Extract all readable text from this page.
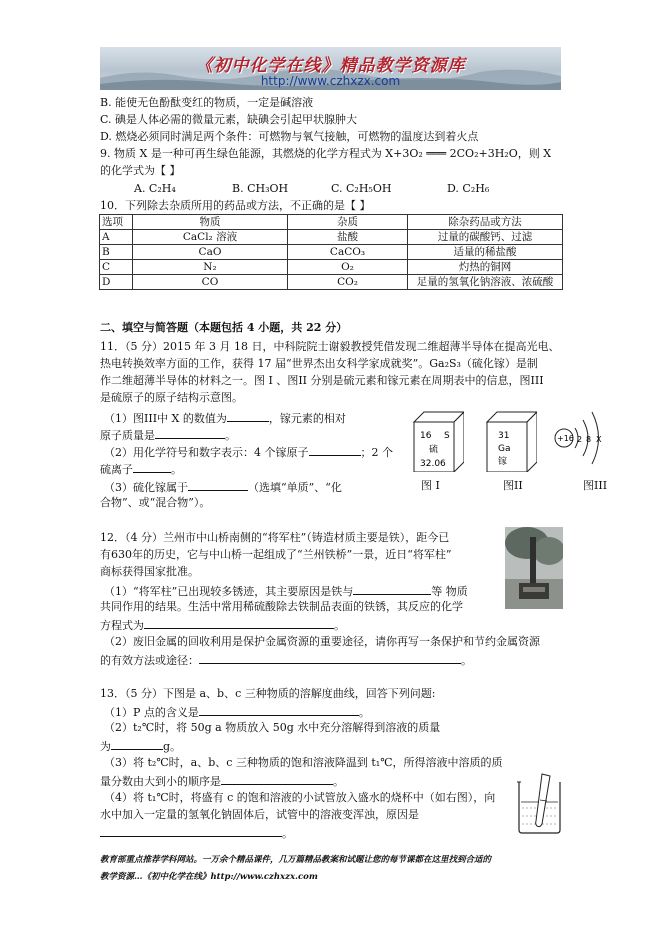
《初中化学在线》精品教学资源库
http://www.czhxzx.com
B. 能使无色酚酞变红的物质，一定是碱溶液
C. 碘是人体必需的微量元素，缺碘会引起甲状腺肿大
D. 燃烧必须同时满足两个条件：可燃物与氧气接触，可燃物的温度达到着火点
9. 物质 X 是一种可再生绿色能源，其燃烧的化学方程式为 X+3O₂ ═══ 2CO₂+3H₂O，则 X
的化学式为【 】
A. C₂H₄	B. CH₃OH	C. C₂H₅OH	D. C₂H₆
10．下列除去杂质所用的药品或方法，不正确的是【 】
选项	物质	杂质	除杂药品或方法
A	CaCl₂ 溶液	盐酸	过量的碳酸钙、过滤
B	CaO	CaCO₃	适量的稀盐酸
C	N₂	O₂	灼热的铜网
D	CO	CO₂	足量的氢氧化钠溶液、浓硫酸
二、填空与简答题（本题包括 4 小题，共 22 分）
11．（5 分）2015 年 3 月 18 日，中科院院士谢毅教授凭借发现二维超薄半导体在提高光电、
热电转换效率方面的工作，获得 17 届“世界杰出女科学家成就奖”。Ga₂S₃（硫化镓）是制
作二维超薄半导体的材料之一。图 I 、图II 分别是硫元素和镓元素在周期表中的信息，图III
是硫原子的原子结构示意图。
（1）图III中 X 的数值为	，镓元素的相对
原子质量是	。
（2）用化学符号和数字表示：4 个镓原子	；2 个
硫离子	。
（3）硫化镓属于	（选填“单质”、“化
合物”、或“混合物”）。
16 S
硫
32.06
图 I
31
Ga
镓
图II
+16 2 8 X
图III
12．（4 分）兰州市中山桥南侧的“将军柱”（铸造材质主要是铁），距今已
有630年的历史，它与中山桥一起组成了“兰州铁桥”一景，近日“将军柱”
商标获得国家批准。
（1）“将军柱”已出现较多锈迹，其主要原因是铁与	等 物质
共同作用的结果。生活中常用稀硫酸除去铁制品表面的铁锈，其反应的化学
方程式为	。
（2）废旧金属的回收利用是保护金属资源的重要途径，请你再写一条保护和节约金属资源
的有效方法或途径：	。
13．（5 分）下图是 a、b、c 三种物质的溶解度曲线，回答下列问题:
（1）P 点的含义是	。
（2）t₂℃时，将 50g a 物质放入 50g 水中充分溶解得到溶液的质量
为	g。
（3）将 t₂℃时，a、b、c 三种物质的饱和溶液降温到 t₁℃，所得溶液中溶质的质
量分数由大到小的顺序是	。
（4）将 t₁℃时，将盛有 c 的饱和溶液的小试管放入盛水的烧杯中（如右图），向
水中加入一定量的氢氧化钠固体后，试管中的溶液变浑浊，原因是
。
教育部重点推荐学科网站。一万余个精品课件，几万篇精品教案和试题让您的每节课都在这里找到合适的
教学资源…《初中化学在线》http://www.czhxzx.com
